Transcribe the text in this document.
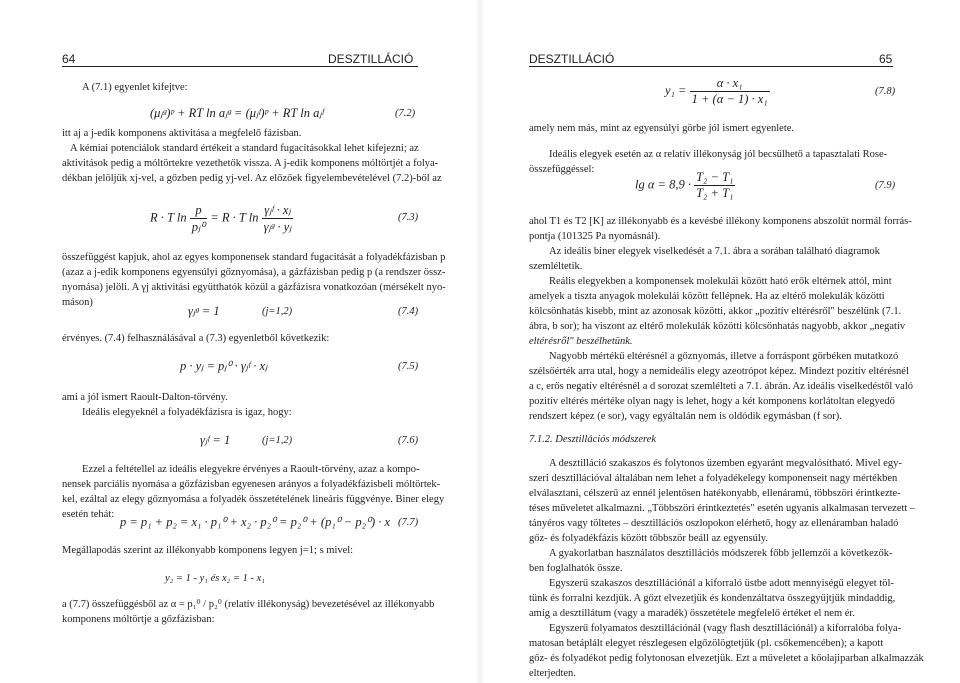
64	DESZTILLÁCIÓ
A (7.1) egyenlet kifejtve:
(μⱼᵍ)ᵖ + RT ln aⱼᵍ = (μⱼᶠ)ᵖ + RT ln aⱼᶠ	(7.2)
itt aj a j-edik komponens aktivitása a megfelelő fázisban.
A kémiai potenciálok standard értékeit a standard fugacitásokkal lehet kifejezni; az
aktivitások pedig a móltörtekre vezethetők vissza. A j-edik komponens móltörtjét a folya-
dékban jelöljük xj-vel, a gőzben pedig yj-vel. Az előzőek figyelembevételével (7.2)-ből az
R · T $\ln \frac{p}{\text{pⱼ⁰}} = R \cdot T$ $\ln \frac{\text{γⱼᶠ · xⱼ}}{\text{γⱼᵍ · yⱼ}}$	(7.3)
összefüggést kapjuk, ahol az egyes komponensek standard fugacitását a folyadékfázisban p
(azaz a j-edik komponens egyensúlyi gőznyomása), a gázfázisban pedig p (a rendszer össz-
nyomása) jelöli. A γj aktivitási együtthatók közül a gázfázisra vonatkozóan (mérsékelt nyo-
máson)
γⱼᵍ = 1	(j=1,2)	(7.4)
érvényes. (7.4) felhasználásával a (7.3) egyenletből következik:
p · yⱼ = pⱼ⁰ · γⱼᶠ · xⱼ	(7.5)
ami a jól ismert Raoult-Dalton-törvény.
Ideális elegyeknél a folyadékfázisra is igaz, hogy:
γⱼᶠ = 1	(j=1,2)	(7.6)
Ezzel a feltétellel az ideális elegyekre érvényes a Raoult-törvény, azaz a kompo-
nensek parciális nyomása a gőzfázisban egyenesen arányos a folyadékfázisbeli móltörtek-
kel, ezáltal az elegy gőznyomása a folyadék összetételének lineáris függvénye. Biner elegy
esetén tehát:
p = p₁ + p₂ = x₁ · p₁⁰ + x₂ · p₂⁰ = p₂⁰ + (p₁⁰ − p₂⁰) · x (7.7)
Megállapodás szerint az illékonyabb komponens legyen j=1; s mivel:
y₂ = 1 - y₁ és x₂ = 1 - x₁
a (7.7) összefüggésből az α = p₁⁰ / p₂⁰ (relatív illékonyság) bevezetésével az illékonyabb
komponens móltörtje a gőzfázisban:
DESZTILLÁCIÓ	65
$y_1 = \frac{\text{α · x₁}}{\text{1 + (α − 1) · x₁}}$	(7.8)
amely nem más, mint az egyensúlyi görbe jól ismert egyenlete.
Ideális elegyek esetén az α relatív illékonyság jól becsülhető a tapasztalati Rose-
összefüggéssel:
$\lg \alpha = 8,9 \cdot \frac{\text{T₂ − T₁}}{\text{T₂ + T₁}}$	(7.9)
ahol T1 és T2 [K] az illékonyabb és a kevésbé illékony komponens abszolút normál forrás-
pontja (101325 Pa nyomásnál).
Az ideális biner elegyek viselkedését a 7.1. ábra a sorában található diagramok
szemléltetik.
Reális elegyekben a komponensek molekulái között ható erők eltérnek attól, mint
amelyek a tiszta anyagok molekulái között fellépnek. Ha az eltérő molekulák közötti
kölcsönhatás kisebb, mint az azonosak közötti, akkor „pozitív eltérésről" beszélünk (7.1.
ábra, b sor); ha viszont az eltérő molekulák közötti kölcsönhatás nagyobb, akkor „negatív
eltérésről" beszélhetünk.
Nagyobb mértékű eltérésnél a gőznyomás, illetve a forráspont görbéken mutatkozó
szélsőérték arra utal, hogy a nemideális elegy azeotrópot képez. Mindezt pozitív eltérésnél
a c, erős negatív eltérésnél a d sorozat szemlélteti a 7.1. ábrán. Az ideális viselkedéstől való
pozitív eltérés mértéke olyan nagy is lehet, hogy a két komponens korlátoltan elegyedő
rendszert képez (e sor), vagy egyáltalán nem is oldódik egymásban (f sor).
7.1.2. Desztillációs módszerek
A desztilláció szakaszos és folytonos üzemben egyaránt megvalósítható. Mivel egy-
szeri desztillációval általában nem lehet a folyadékelegy komponenseit nagy mértékben
elválasztani, célszerű az ennél jelentősen hatékonyabb, ellenáramú, többszöri érintkezte-
téses műveletet alkalmazni. „Többszöri érintkeztetés" esetén ugyanis alkalmasan tervezett –
tányéros vagy töltetes – desztillációs oszlopokon elérhető, hogy az ellenáramban haladó
gőz- és folyadékfázis között többször beáll az egyensúly.
A gyakorlatban használatos desztillációs módszerek főbb jellemzői a következők-
ben foglalhatók össze.
Egyszerű szakaszos desztillációnál a kiforraló üstbe adott mennyiségű elegyet töl-
tünk és forralni kezdjük. A gőzt elvezetjük és kondenzáltatva összegyűjtjük mindaddig,
amíg a desztillátum (vagy a maradék) összetétele megfelelő értéket el nem ér.
Egyszerű folyamatos desztillációnál (vagy flash desztillációnál) a kiforralóba folya-
matosan betáplált elegyet részlegesen elgőzölögtetjük (pl. csőkemencében); a kapott
gőz- és folyadékot pedig folytonosan elvezetjük. Ezt a műveletet a kőolajiparban alkalmazzák
elterjedten.
